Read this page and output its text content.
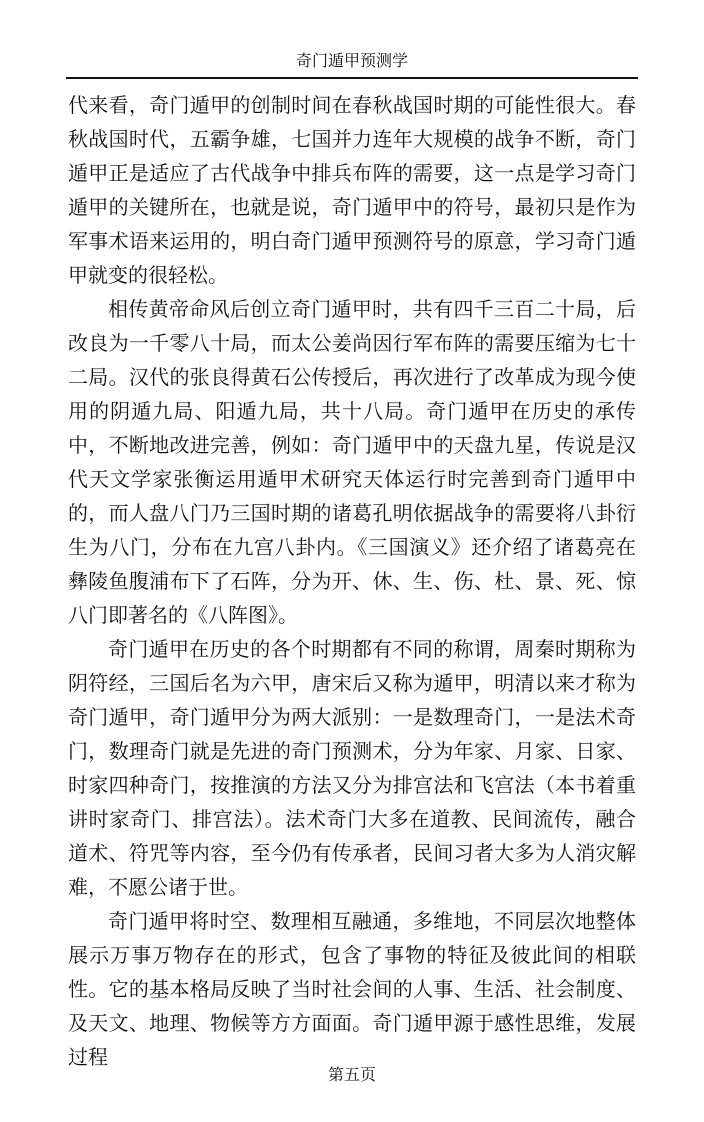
奇门遁甲预测学

代来看，奇门遁甲的创制时间在春秋战国时期的可能性很大。春秋战国时代，五霸争雄，七国并力连年大规模的战争不断，奇门遁甲正是适应了古代战争中排兵布阵的需要，这一点是学习奇门遁甲的关键所在，也就是说，奇门遁甲中的符号，最初只是作为军事术语来运用的，明白奇门遁甲预测符号的原意，学习奇门遁甲就变的很轻松。

相传黄帝命风后创立奇门遁甲时，共有四千三百二十局，后改良为一千零八十局，而太公姜尚因行军布阵的需要压缩为七十二局。汉代的张良得黄石公传授后，再次进行了改革成为现今使用的阴遁九局、阳遁九局，共十八局。奇门遁甲在历史的承传中，不断地改进完善，例如：奇门遁甲中的天盘九星，传说是汉代天文学家张衡运用遁甲术研究天体运行时完善到奇门遁甲中的，而人盘八门乃三国时期的诸葛孔明依据战争的需要将八卦衍生为八门，分布在九宫八卦内。《三国演义》还介绍了诸葛亮在彝陵鱼腹浦布下了石阵，分为开、休、生、伤、杜、景、死、惊八门即著名的《八阵图》。

奇门遁甲在历史的各个时期都有不同的称谓，周秦时期称为阴符经，三国后名为六甲，唐宋后又称为遁甲，明清以来才称为奇门遁甲，奇门遁甲分为两大派别：一是数理奇门，一是法术奇门，数理奇门就是先进的奇门预测术，分为年家、月家、日家、时家四种奇门，按推演的方法又分为排宫法和飞宫法（本书着重讲时家奇门、排宫法）。法术奇门大多在道教、民间流传，融合道术、符咒等内容，至今仍有传承者，民间习者大多为人消灾解难，不愿公诸于世。

奇门遁甲将时空、数理相互融通，多维地，不同层次地整体展示万事万物存在的形式，包含了事物的特征及彼此间的相联性。它的基本格局反映了当时社会间的人事、生活、社会制度、及天文、地理、物候等方方面面。奇门遁甲源于感性思维，发展过程

第五页
